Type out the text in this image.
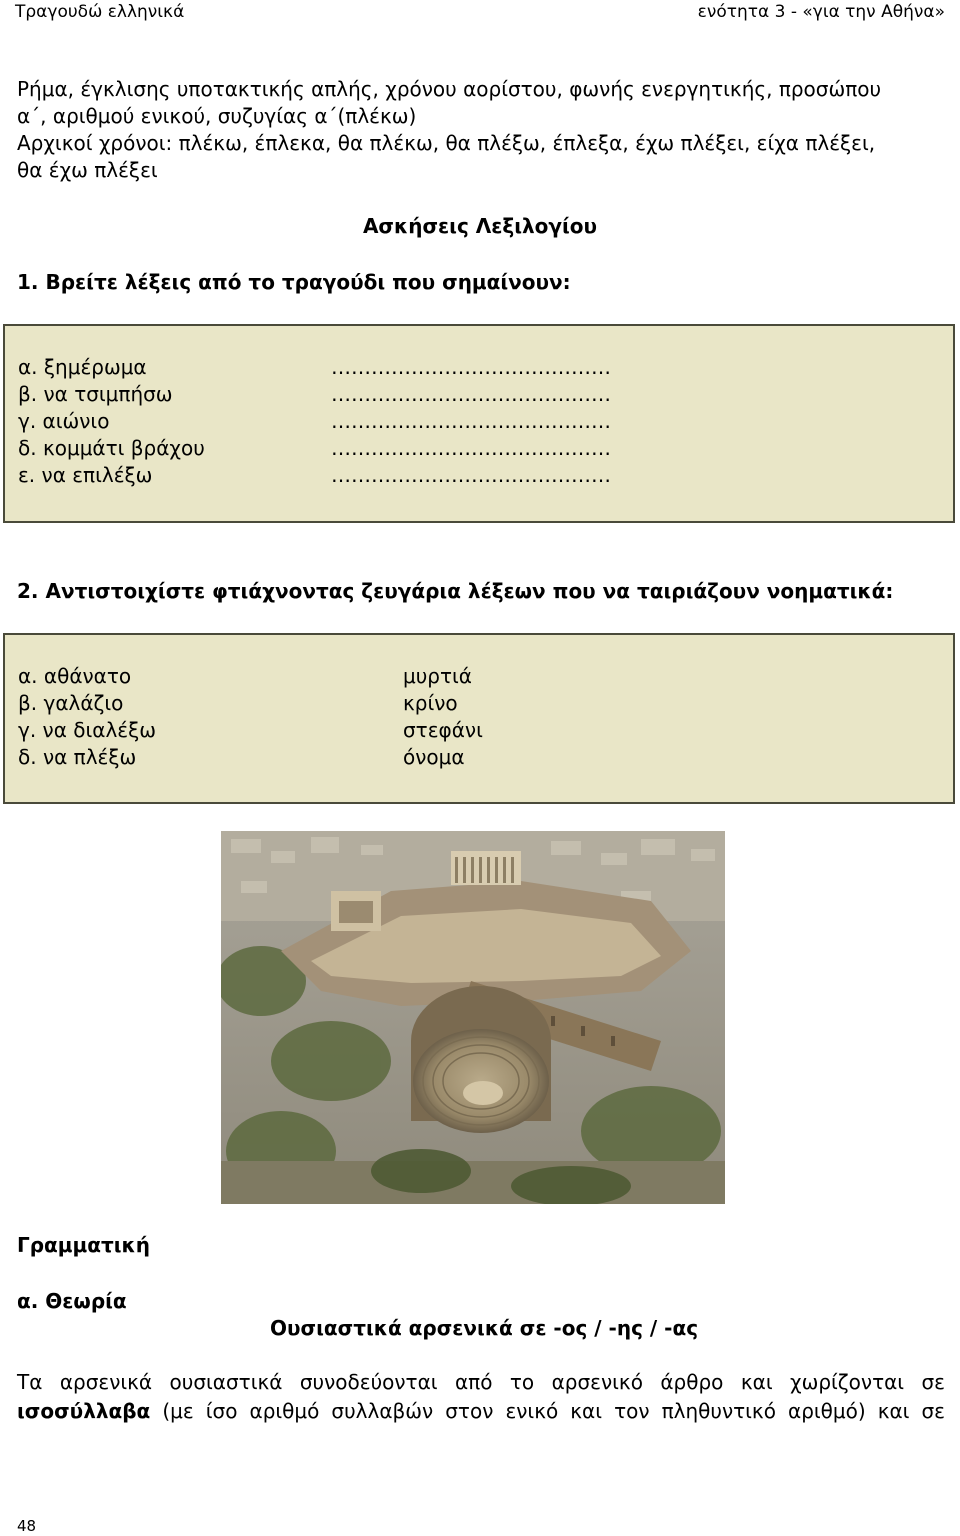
Τραγουδώ ελληνικά	ενότητα 3 - «για την Αθήνα»
Ρήμα, έγκλισης υποτακτικής απλής, χρόνου αορίστου, φωνής ενεργητικής, προσώπου
α΄, αριθμού ενικού, συζυγίας α΄(πλέκω)
Αρχικοί χρόνοι: πλέκω, έπλεκα, θα πλέκω, θα πλέξω, έπλεξα, έχω πλέξει, είχα πλέξει,
θα έχω πλέξει
Ασκήσεις Λεξιλογίου
1. Βρείτε λέξεις από το τραγούδι που σημαίνουν:
α. ξημέρωμα	……………………………………
β. να τσιμπήσω	……………………………………
γ. αιώνιο	……………………………………
δ. κομμάτι βράχου	……………………………………
ε. να επιλέξω	……………………………………
2. Αντιστοιχίστε φτιάχνοντας ζευγάρια λέξεων που να ταιριάζουν νοηματικά:
α. αθάνατο	μυρτιά
β. γαλάζιο	κρίνο
γ. να διαλέξω	στεφάνι
δ. να πλέξω	όνομα
Γραμματική
α. Θεωρία
Ουσιαστικά αρσενικά σε -ος / -ης / -ας
Τα αρσενικά ουσιαστικά συνοδεύονται από το αρσενικό άρθρο και χωρίζονται σε
ισοσύλλαβα (με ίσο αριθμό συλλαβών στον ενικό και τον πληθυντικό αριθμό) και σε
48
